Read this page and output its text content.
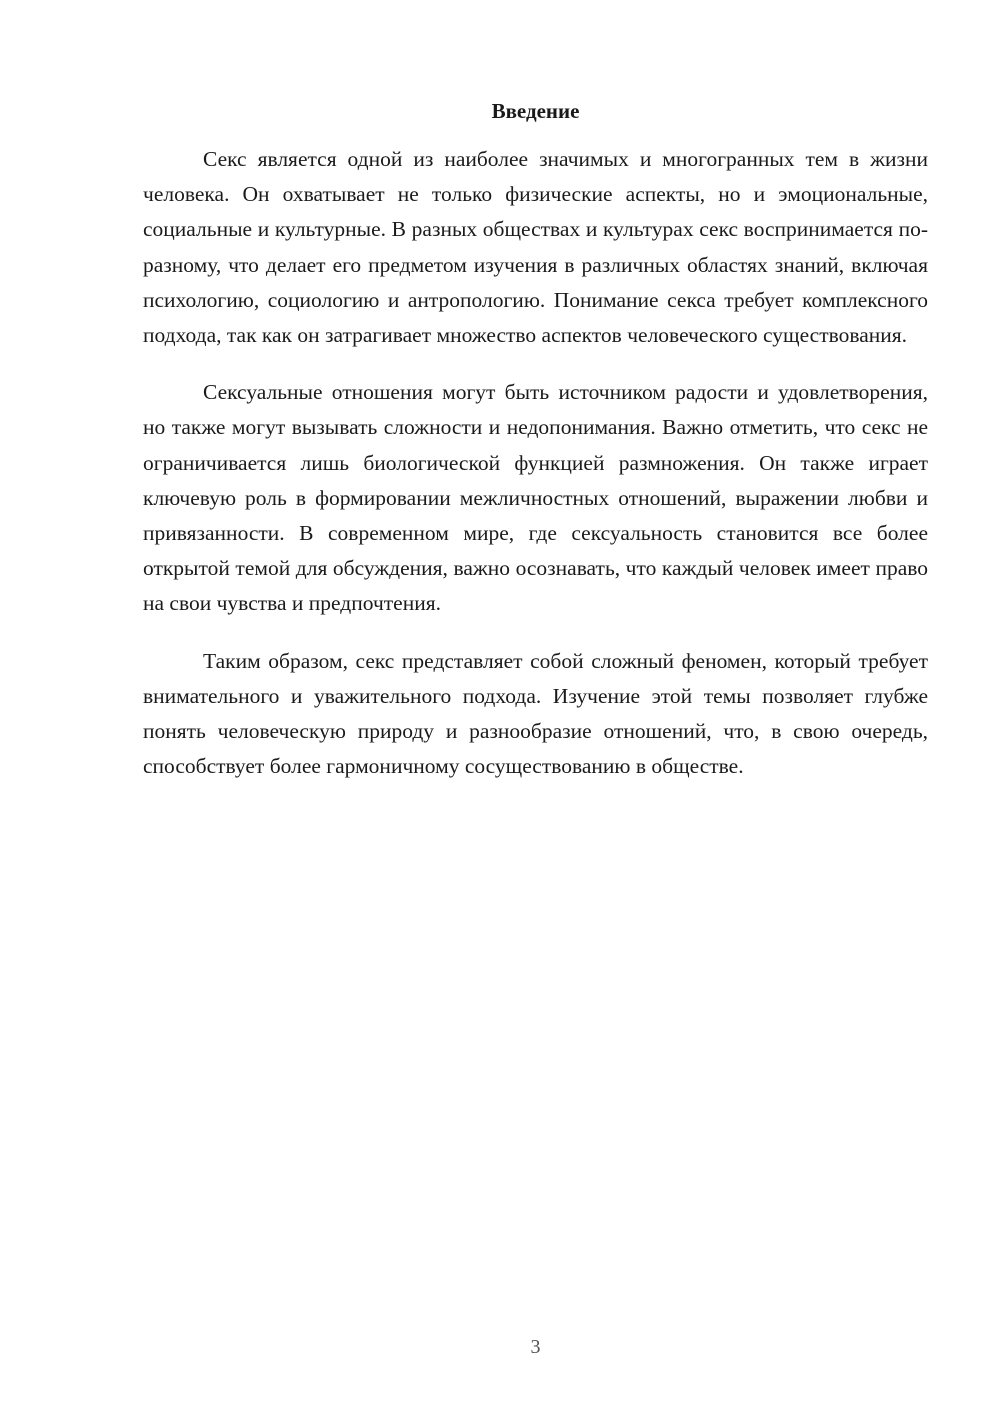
Введение

Секс является одной из наиболее значимых и многогранных тем в жизни человека. Он охватывает не только физические аспекты, но и эмоциональные, социальные и культурные. В разных обществах и культурах секс воспринимается по-разному, что делает его предметом изучения в различных областях знаний, включая психологию, социологию и антропологию. Понимание секса требует комплексного подхода, так как он затрагивает множество аспектов человеческого существования.

Сексуальные отношения могут быть источником радости и удовлетворения, но также могут вызывать сложности и недопонимания. Важно отметить, что секс не ограничивается лишь биологической функцией размножения. Он также играет ключевую роль в формировании межличностных отношений, выражении любви и привязанности. В современном мире, где сексуальность становится все более открытой темой для обсуждения, важно осознавать, что каждый человек имеет право на свои чувства и предпочтения.

Таким образом, секс представляет собой сложный феномен, который требует внимательного и уважительного подхода. Изучение этой темы позволяет глубже понять человеческую природу и разнообразие отношений, что, в свою очередь, способствует более гармоничному сосуществованию в обществе.

3
